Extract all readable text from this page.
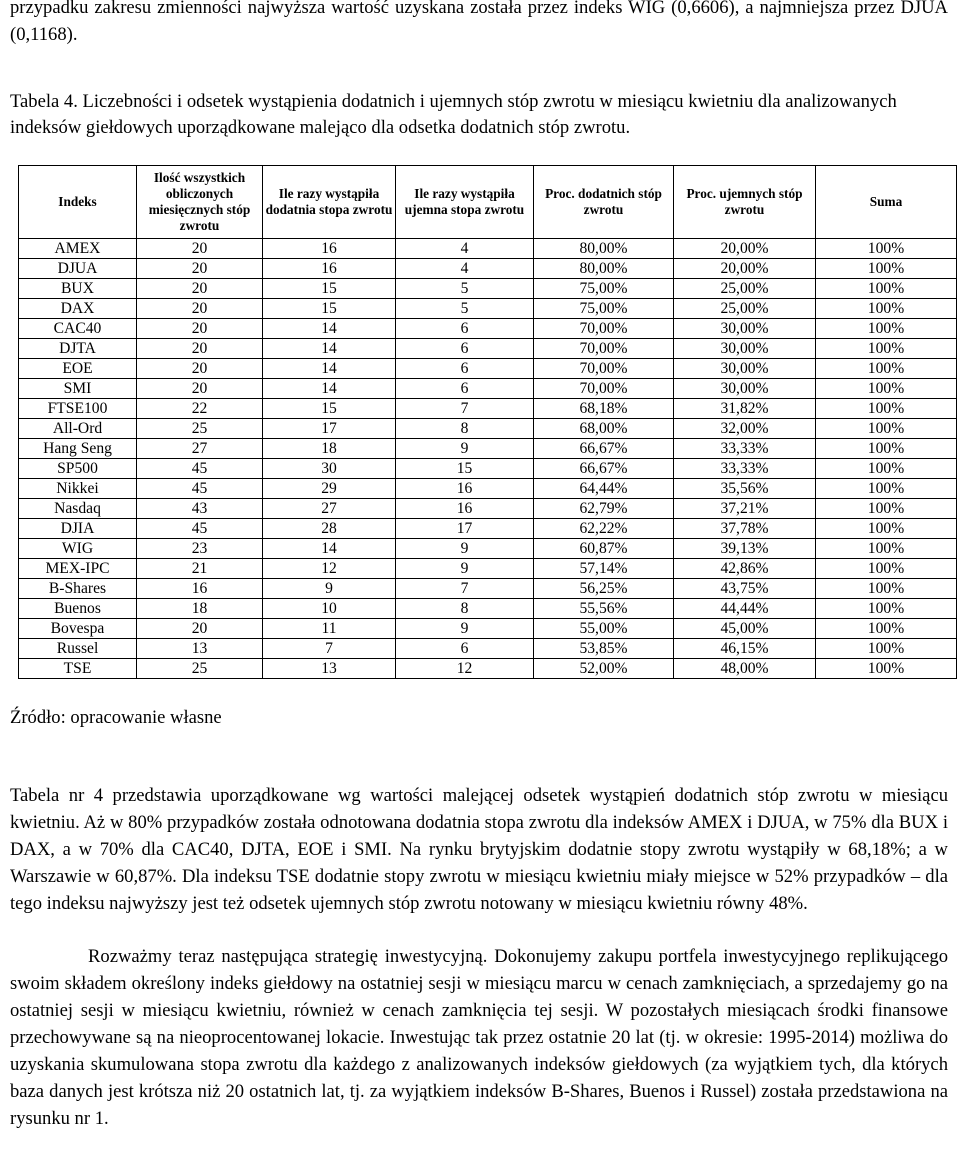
przypadku zakresu zmienności najwyższa wartość uzyskana została przez indeks WIG (0,6606), a najmniejsza przez DJUA (0,1168).

Tabela 4. Liczebności i odsetek wystąpienia dodatnich i ujemnych stóp zwrotu w miesiącu kwietniu dla analizowanych indeksów giełdowych uporządkowane malejąco dla odsetka dodatnich stóp zwrotu.

Indeks	Ilość wszystkich obliczonych miesięcznych stóp zwrotu	Ile razy wystąpiła dodatnia stopa zwrotu	Ile razy wystąpiła ujemna stopa zwrotu	Proc. dodatnich stóp zwrotu	Proc. ujemnych stóp zwrotu	Suma
AMEX	20	16	4	80,00%	20,00%	100%
DJUA	20	16	4	80,00%	20,00%	100%
BUX	20	15	5	75,00%	25,00%	100%
DAX	20	15	5	75,00%	25,00%	100%
CAC40	20	14	6	70,00%	30,00%	100%
DJTA	20	14	6	70,00%	30,00%	100%
EOE	20	14	6	70,00%	30,00%	100%
SMI	20	14	6	70,00%	30,00%	100%
FTSE100	22	15	7	68,18%	31,82%	100%
All-Ord	25	17	8	68,00%	32,00%	100%
Hang Seng	27	18	9	66,67%	33,33%	100%
SP500	45	30	15	66,67%	33,33%	100%
Nikkei	45	29	16	64,44%	35,56%	100%
Nasdaq	43	27	16	62,79%	37,21%	100%
DJIA	45	28	17	62,22%	37,78%	100%
WIG	23	14	9	60,87%	39,13%	100%
MEX-IPC	21	12	9	57,14%	42,86%	100%
B-Shares	16	9	7	56,25%	43,75%	100%
Buenos	18	10	8	55,56%	44,44%	100%
Bovespa	20	11	9	55,00%	45,00%	100%
Russel	13	7	6	53,85%	46,15%	100%
TSE	25	13	12	52,00%	48,00%	100%

Źródło: opracowanie własne

Tabela nr 4 przedstawia uporządkowane wg wartości malejącej odsetek wystąpień dodatnich stóp zwrotu w miesiącu kwietniu. Aż w 80% przypadków została odnotowana dodatnia stopa zwrotu dla indeksów AMEX i DJUA, w 75% dla BUX i DAX, a w 70% dla CAC40, DJTA, EOE i SMI. Na rynku brytyjskim dodatnie stopy zwrotu wystąpiły w 68,18%; a w Warszawie w 60,87%. Dla indeksu TSE dodatnie stopy zwrotu w miesiącu kwietniu miały miejsce w 52% przypadków – dla tego indeksu najwyższy jest też odsetek ujemnych stóp zwrotu notowany w miesiącu kwietniu równy 48%.

Rozważmy teraz następująca strategię inwestycyjną. Dokonujemy zakupu portfela inwestycyjnego replikującego swoim składem określony indeks giełdowy na ostatniej sesji w miesiącu marcu w cenach zamknięciach, a sprzedajemy go na ostatniej sesji w miesiącu kwietniu, również w cenach zamknięcia tej sesji. W pozostałych miesiącach środki finansowe przechowywane są na nieoprocentowanej lokacie. Inwestując tak przez ostatnie 20 lat (tj. w okresie: 1995-2014) możliwa do uzyskania skumulowana stopa zwrotu dla każdego z analizowanych indeksów giełdowych (za wyjątkiem tych, dla których baza danych jest krótsza niż 20 ostatnich lat, tj. za wyjątkiem indeksów B-Shares, Buenos i Russel) została przedstawiona na rysunku nr 1.
